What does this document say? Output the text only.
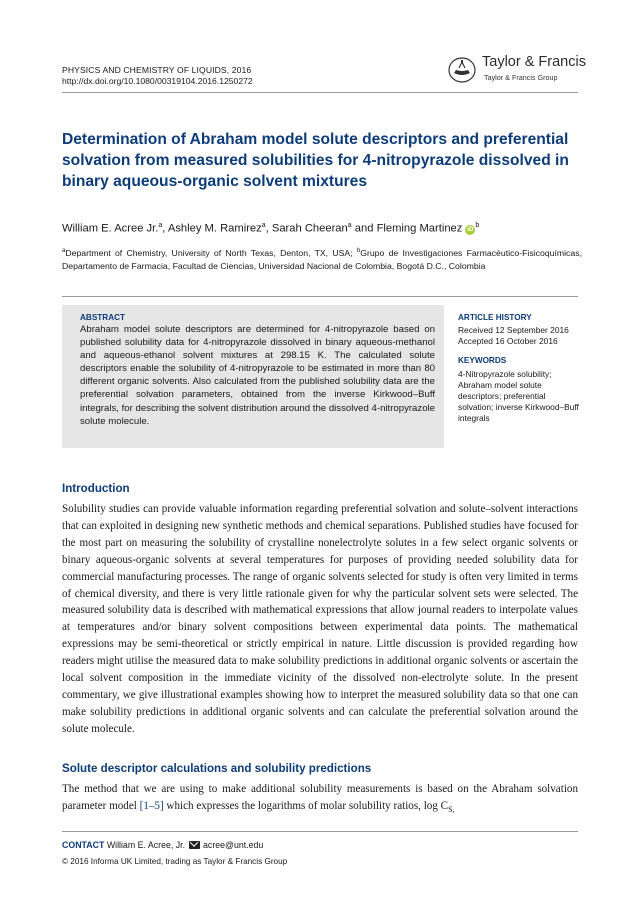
PHYSICS AND CHEMISTRY OF LIQUIDS, 2016
http://dx.doi.org/10.1080/00319104.2016.1250272
Taylor & Francis
Taylor & Francis Group
Determination of Abraham model solute descriptors and preferential solvation from measured solubilities for 4-nitropyrazole dissolved in binary aqueous-organic solvent mixtures
William E. Acree Jr.$^a$, Ashley M. Ramirez$^a$, Sarah Cheeran$^a$ and Fleming Martinez $iD^b$
$^a$Department of Chemistry, University of North Texas, Denton, TX, USA; $^b$Grupo de Investigaciones Farmacéutico-Fisicoquímicas, Departamento de Farmacia, Facultad de Ciencias, Universidad Nacional de Colombia, Bogotá D.C., Colombia
ABSTRACT
Abraham model solute descriptors are determined for 4-nitropyrazole based on published solubility data for 4-nitropyrazole dissolved in binary aqueous-methanol and aqueous-ethanol solvent mixtures at 298.15 K. The calculated solute descriptors enable the solubility of 4-nitropyrazole to be estimated in more than 80 different organic solvents. Also calculated from the published solubility data are the preferential solvation parameters, obtained from the inverse Kirkwood–Buff integrals, for describing the solvent distribution around the dissolved 4-nitropyrazole solute molecule.
ARTICLE HISTORY
Received 12 September 2016
Accepted 16 October 2016
KEYWORDS
4-Nitropyrazole solubility; Abraham model solute descriptors; preferential solvation; inverse Kirkwood–Buff integrals
Introduction
Solubility studies can provide valuable information regarding preferential solvation and solute–solvent interactions that can exploited in designing new synthetic methods and chemical separations. Published studies have focused for the most part on measuring the solubility of crystalline nonelectrolyte solutes in a few select organic solvents or binary aqueous-organic solvents at several temperatures for purposes of providing needed solubility data for commercial manufacturing processes. The range of organic solvents selected for study is often very limited in terms of chemical diversity, and there is very little rationale given for why the particular solvent sets were selected. The measured solubility data is described with mathematical expressions that allow journal readers to interpolate values at temperatures and/or binary solvent compositions between experimental data points. The mathematical expressions may be semi-theoretical or strictly empirical in nature. Little discussion is provided regarding how readers might utilise the measured data to make solubility predictions in additional organic solvents or ascertain the local solvent composition in the immediate vicinity of the dissolved non-electrolyte solute. In the present commentary, we give illustrational examples showing how to interpret the measured solubility data so that one can make solubility predictions in additional organic solvents and can calculate the preferential solvation around the solute molecule.
Solute descriptor calculations and solubility predictions
The method that we are using to make additional solubility measurements is based on the Abraham solvation parameter model [1–5] which expresses the logarithms of molar solubility ratios, $\log C_{S,}$
CONTACT William E. Acree, Jr. acree@unt.edu
© 2016 Informa UK Limited, trading as Taylor & Francis Group
